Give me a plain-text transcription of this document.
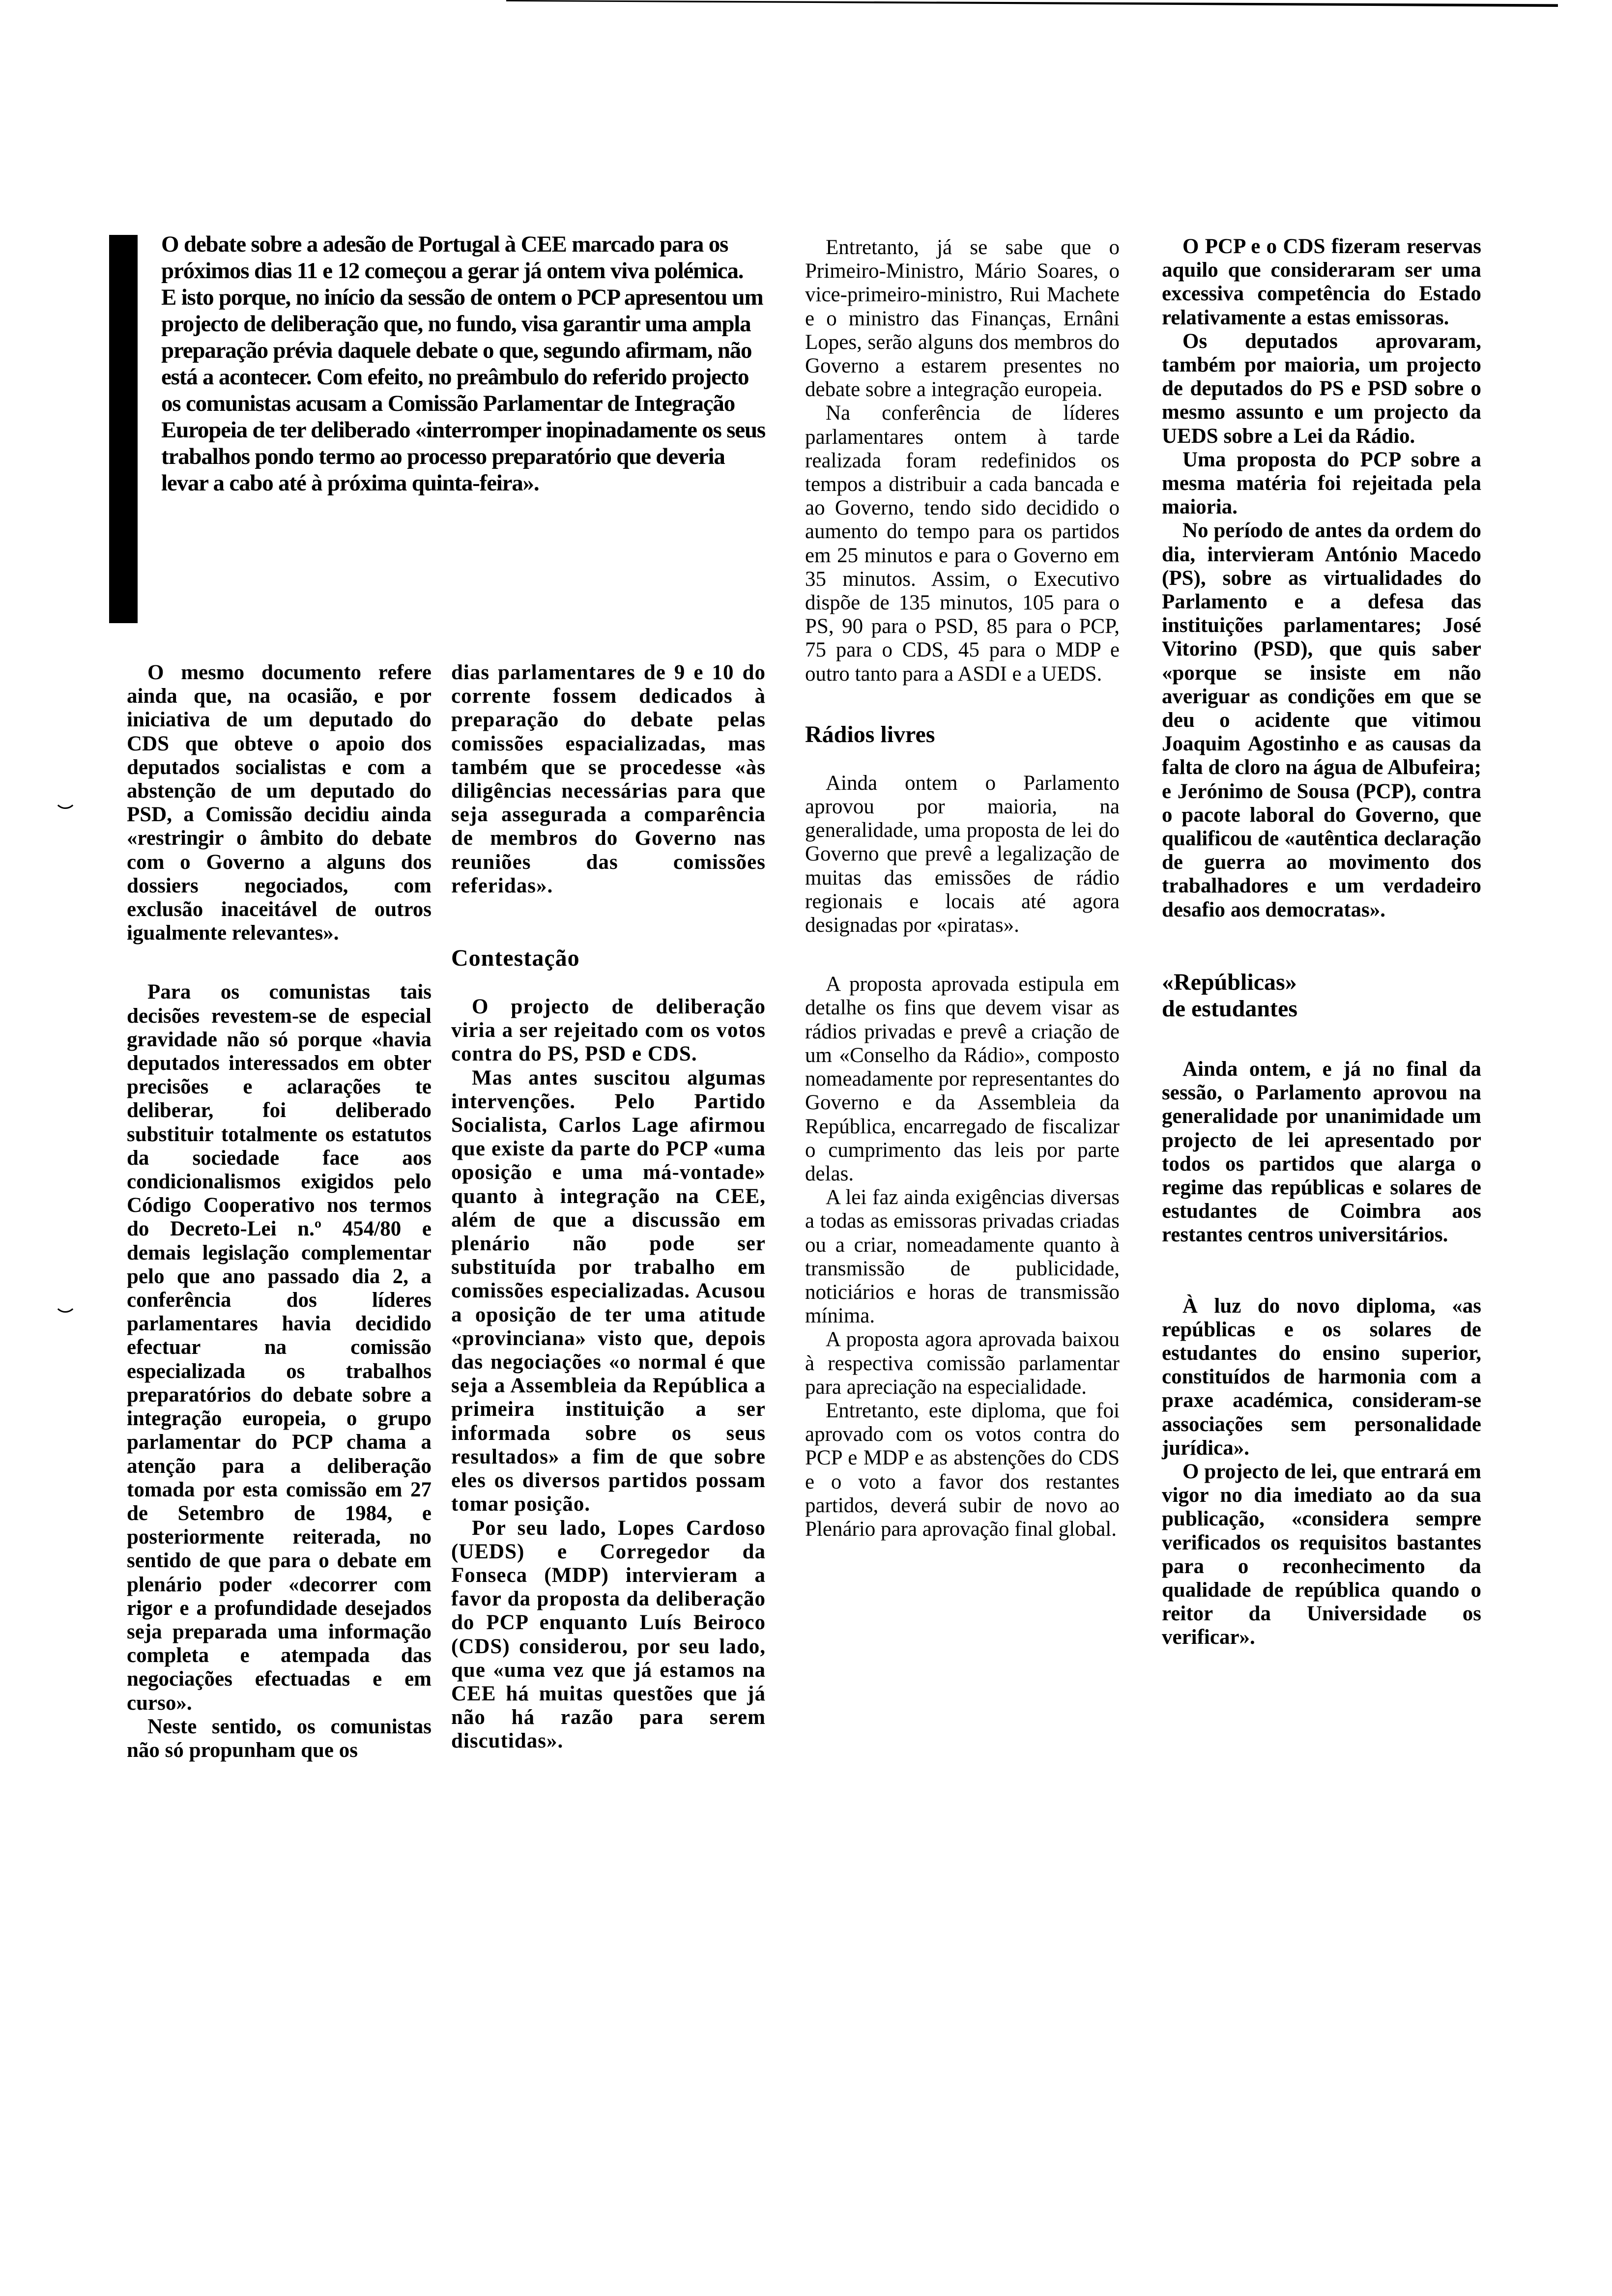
O debate sobre a adesão de Portugal à CEE marcado para os próximos dias 11 e 12 começou a gerar já ontem viva polémica.

E isto porque, no início da sessão de ontem o PCP apresentou um projecto de deliberação que, no fundo, visa garantir uma ampla preparação prévia daquele debate o que, segundo afirmam, não está a acontecer. Com efeito, no preâmbulo do referido projecto os comunistas acusam a Comissão Parlamentar de Integração Europeia de ter deliberado «interromper inopinadamente os seus trabalhos pondo termo ao processo preparatório que deveria levar a cabo até à próxima quinta-feira».

O mesmo documento refere ainda que, na ocasião, e por iniciativa de um deputado do CDS que obteve o apoio dos deputados socialistas e com a abstenção de um deputado do PSD, a Comissão decidiu ainda «restringir o âmbito do debate com o Governo a alguns dos dossiers negociados, com exclusão inaceitável de outros igualmente relevantes».

Para os comunistas tais decisões revestem-se de especial gravidade não só porque «havia deputados interessados em obter precisões e aclarações te deliberar, foi deliberado substituir totalmente os estatutos da sociedade face aos condicionalismos exigidos pelo Código Cooperativo nos termos do Decreto-Lei n.º 454/80 e demais legislação complementar pelo que ano passado dia 2, a conferência dos líderes parlamentares havia decidido efectuar na comissão especializada os trabalhos preparatórios do debate sobre a integração europeia, o grupo parlamentar do PCP chama a atenção para a deliberação tomada por esta comissão em 27 de Setembro de 1984, e posteriormente reiterada, no sentido de que para o debate em plenário poder «decorrer com rigor e a profundidade desejados seja preparada uma informação completa e atempada das negociações efectuadas e em curso».

Neste sentido, os comunistas não só propunham que os

dias parlamentares de 9 e 10 do corrente fossem dedicados à preparação do debate pelas comissões espacializadas, mas também que se procedesse «às diligências necessárias para que seja assegurada a comparência de membros do Governo nas reuniões das comissões referidas».

Contestação

O projecto de deliberação viria a ser rejeitado com os votos contra do PS, PSD e CDS.

Mas antes suscitou algumas intervenções. Pelo Partido Socialista, Carlos Lage afirmou que existe da parte do PCP «uma oposição e uma má-vontade» quanto à integração na CEE, além de que a discussão em plenário não pode ser substituída por trabalho em comissões especializadas. Acusou a oposição de ter uma atitude «provinciana» visto que, depois das negociações «o normal é que seja a Assembleia da República a primeira instituição a ser informada sobre os seus resultados» a fim de que sobre eles os diversos partidos possam tomar posição.

Por seu lado, Lopes Cardoso (UEDS) e Corregedor da Fonseca (MDP) intervieram a favor da proposta da deliberação do PCP enquanto Luís Beiroco (CDS) considerou, por seu lado, que «uma vez que já estamos na CEE há muitas questões que já não há razão para serem discutidas».

Entretanto, já se sabe que o Primeiro-Ministro, Mário Soares, o vice-primeiro-ministro, Rui Machete e o ministro das Finanças, Ernâni Lopes, serão alguns dos membros do Governo a estarem presentes no debate sobre a integração europeia.

Na conferência de líderes parlamentares ontem à tarde realizada foram redefinidos os tempos a distribuir a cada bancada e ao Governo, tendo sido decidido o aumento do tempo para os partidos em 25 minutos e para o Governo em 35 minutos. Assim, o Executivo dispõe de 135 minutos, 105 para o PS, 90 para o PSD, 85 para o PCP, 75 para o CDS, 45 para o MDP e outro tanto para a ASDI e a UEDS.

Rádios livres

Ainda ontem o Parlamento aprovou por maioria, na generalidade, uma proposta de lei do Governo que prevê a legalização de muitas das emissões de rádio regionais e locais até agora designadas por «piratas».

A proposta aprovada estipula em detalhe os fins que devem visar as rádios privadas e prevê a criação de um «Conselho da Rádio», composto nomeadamente por representantes do Governo e da Assembleia da República, encarregado de fiscalizar o cumprimento das leis por parte delas.

A lei faz ainda exigências diversas a todas as emissoras privadas criadas ou a criar, nomeadamente quanto à transmissão de publicidade, noticiários e horas de transmissão mínima.

A proposta agora aprovada baixou à respectiva comissão parlamentar para apreciação na especialidade.

Entretanto, este diploma, que foi aprovado com os votos contra do PCP e MDP e as abstenções do CDS e o voto a favor dos restantes partidos, deverá subir de novo ao Plenário para aprovação final global.

O PCP e o CDS fizeram reservas aquilo que consideraram ser uma excessiva competência do Estado relativamente a estas emissoras.

Os deputados aprovaram, também por maioria, um projecto de deputados do PS e PSD sobre o mesmo assunto e um projecto da UEDS sobre a Lei da Rádio.

Uma proposta do PCP sobre a mesma matéria foi rejeitada pela maioria.

No período de antes da ordem do dia, intervieram António Macedo (PS), sobre as virtualidades do Parlamento e a defesa das instituições parlamentares; José Vitorino (PSD), que quis saber «porque se insiste em não averiguar as condições em que se deu o acidente que vitimou Joaquim Agostinho e as causas da falta de cloro na água de Albufeira; e Jerónimo de Sousa (PCP), contra o pacote laboral do Governo, que qualificou de «autêntica declaração de guerra ao movimento dos trabalhadores e um verdadeiro desafio aos democratas».

«Repúblicas»
de estudantes

Ainda ontem, e já no final da sessão, o Parlamento aprovou na generalidade por unanimidade um projecto de lei apresentado por todos os partidos que alarga o regime das repúblicas e solares de estudantes de Coimbra aos restantes centros universitários.

À luz do novo diploma, «as repúblicas e os solares de estudantes do ensino superior, constituídos de harmonia com a praxe académica, consideram-se associações sem personalidade jurídica».

O projecto de lei, que entrará em vigor no dia imediato ao da sua publicação, «considera sempre verificados os requisitos bastantes para o reconhecimento da qualidade de república quando o reitor da Universidade os verificar».
